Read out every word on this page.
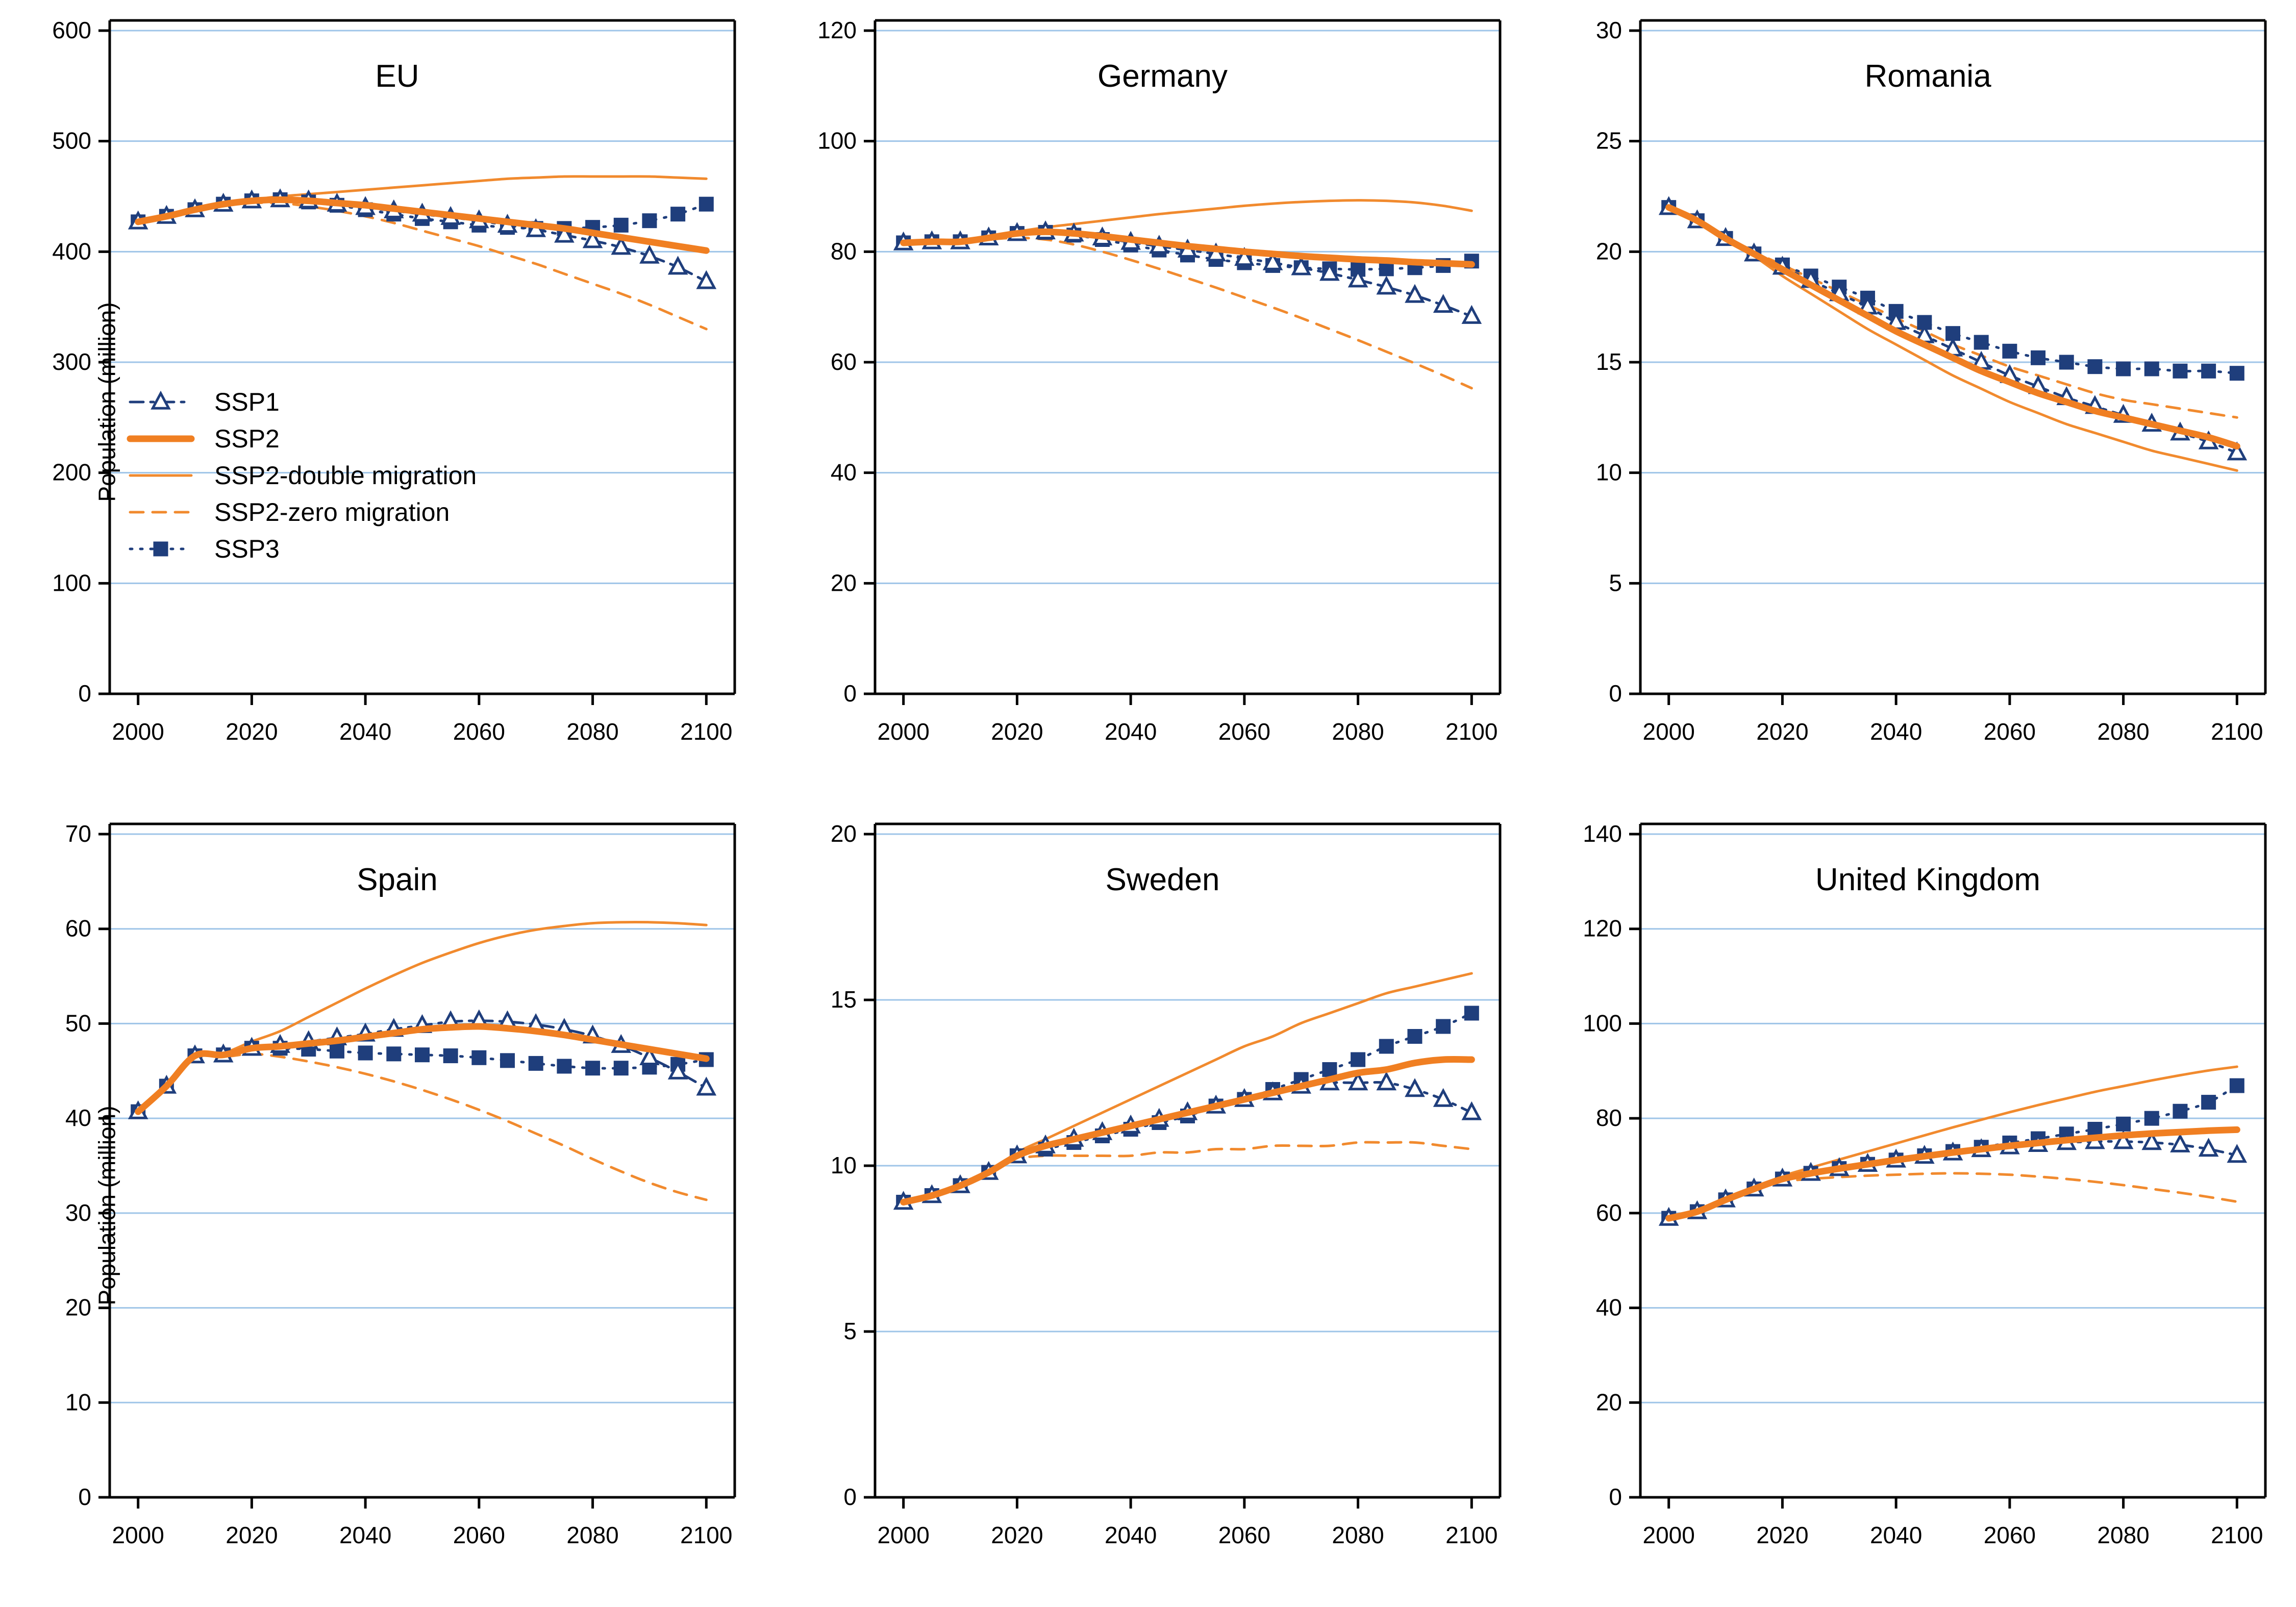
Population (million)
0
100
200
300
400
500
600
2000	2020	2040	2060	2080	2100
EU
SSP1
SSP2
SSP2-double migration
SSP2-zero migration
SSP3
0
20
40
60
80
100
120
2000	2020	2040	2060	2080	2100
Germany
0
5
10
15
20
25
30
2000	2020	2040	2060	2080	2100
Romania
Population (million)
0
10
20
30
40
50
60
70
2000	2020	2040	2060	2080	2100
Spain
0
5
10
15
20
2000	2020	2040	2060	2080	2100
Sweden
0
20
40
60
80
100
120
140
2000	2020	2040	2060	2080	2100
United Kingdom
